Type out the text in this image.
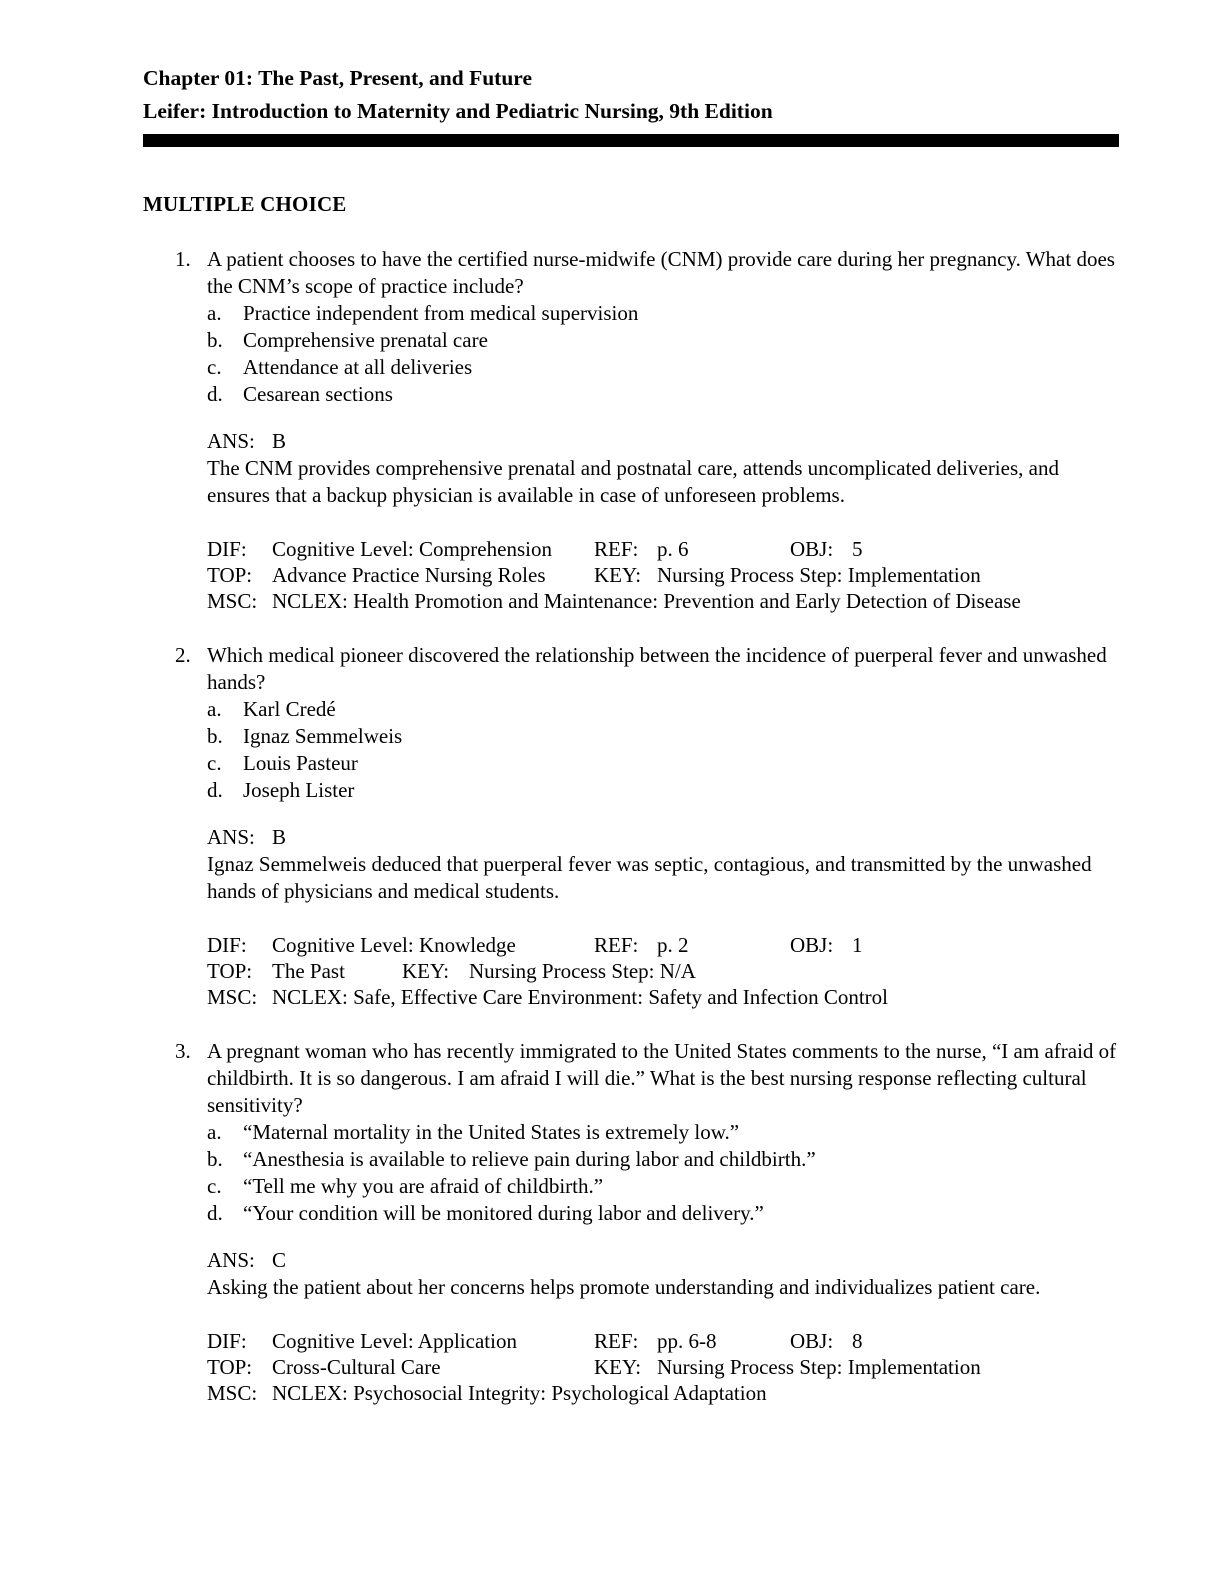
Chapter 01: The Past, Present, and Future
Leifer: Introduction to Maternity and Pediatric Nursing, 9th Edition
MULTIPLE CHOICE
1. A patient chooses to have the certified nurse-midwife (CNM) provide care during her pregnancy. What does the CNM’s scope of practice include?
a.	Practice independent from medical supervision
b. Comprehensive prenatal care
c.	Attendance at all deliveries
d. Cesarean sections
ANS: B
The CNM provides comprehensive prenatal and postnatal care, attends uncomplicated deliveries, and ensures that a backup physician is available in case of unforeseen problems.
DIF: Cognitive Level: Comprehension REF: p. 6	OBJ: 5
TOP: Advance Practice Nursing Roles KEY: Nursing Process Step: Implementation
MSC: NCLEX: Health Promotion and Maintenance: Prevention and Early Detection of Disease
2. Which medical pioneer discovered the relationship between the incidence of puerperal fever and unwashed hands?
a.	Karl Credé
b. Ignaz Semmelweis
c.	Louis Pasteur
d. Joseph Lister
ANS: B
Ignaz Semmelweis deduced that puerperal fever was septic, contagious, and transmitted by the unwashed hands of physicians and medical students.
DIF: Cognitive Level: Knowledge	REF: p. 2	OBJ: 1
TOP: The Past	KEY: Nursing Process Step: N/A
MSC: NCLEX: Safe, Effective Care Environment: Safety and Infection Control
3. A pregnant woman who has recently immigrated to the United States comments to the nurse, “I am afraid of childbirth. It is so dangerous. I am afraid I will die.” What is the best nursing response reflecting cultural sensitivity?
a.	“Maternal mortality in the United States is extremely low.”
b. “Anesthesia is available to relieve pain during labor and childbirth.”
c.	“Tell me why you are afraid of childbirth.”
d. “Your condition will be monitored during labor and delivery.”
ANS: C
Asking the patient about her concerns helps promote understanding and individualizes patient care.
DIF: Cognitive Level: Application	REF: pp. 6-8	OBJ: 8
TOP: Cross-Cultural Care	KEY: Nursing Process Step: Implementation
MSC: NCLEX: Psychosocial Integrity: Psychological Adaptation
